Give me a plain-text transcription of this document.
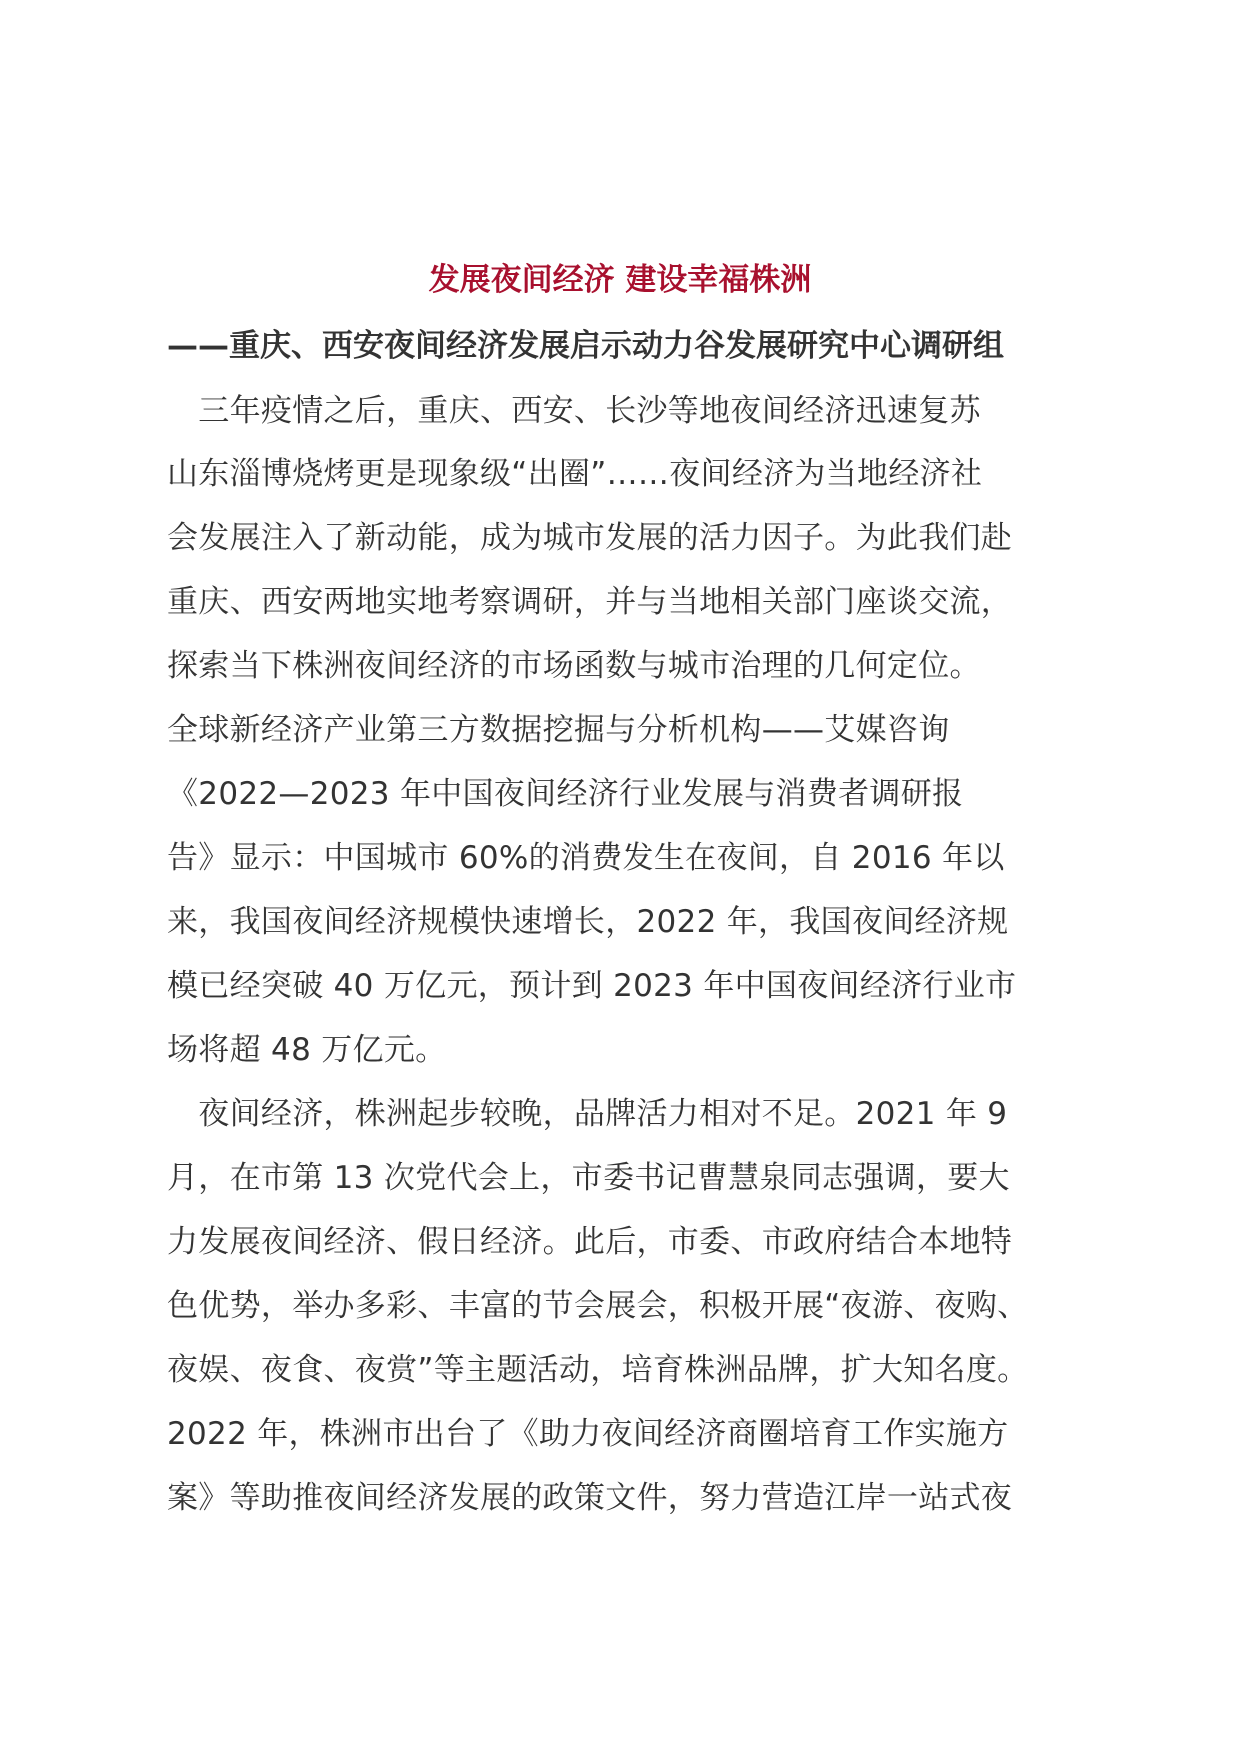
发展夜间经济 建设幸福株洲
——重庆、西安夜间经济发展启示动力谷发展研究中心调研组
　三年疫情之后，重庆、西安、长沙等地夜间经济迅速复苏
山东淄博烧烤更是现象级“出圈”……夜间经济为当地经济社
会发展注入了新动能，成为城市发展的活力因子。为此我们赴
重庆、西安两地实地考察调研，并与当地相关部门座谈交流，
探索当下株洲夜间经济的市场函数与城市治理的几何定位。
全球新经济产业第三方数据挖掘与分析机构——艾媒咨询
《2022—2023 年中国夜间经济行业发展与消费者调研报
告》显示：中国城市 60%的消费发生在夜间，自 2016 年以
来，我国夜间经济规模快速增长，2022 年，我国夜间经济规
模已经突破 40 万亿元，预计到 2023 年中国夜间经济行业市
场将超 48 万亿元。
　夜间经济，株洲起步较晚，品牌活力相对不足。2021 年 9
月，在市第 13 次党代会上，市委书记曹慧泉同志强调，要大
力发展夜间经济、假日经济。此后，市委、市政府结合本地特
色优势，举办多彩、丰富的节会展会，积极开展“夜游、夜购、
夜娱、夜食、夜赏”等主题活动，培育株洲品牌，扩大知名度。
2022 年，株洲市出台了《助力夜间经济商圈培育工作实施方
案》等助推夜间经济发展的政策文件，努力营造江岸一站式夜
